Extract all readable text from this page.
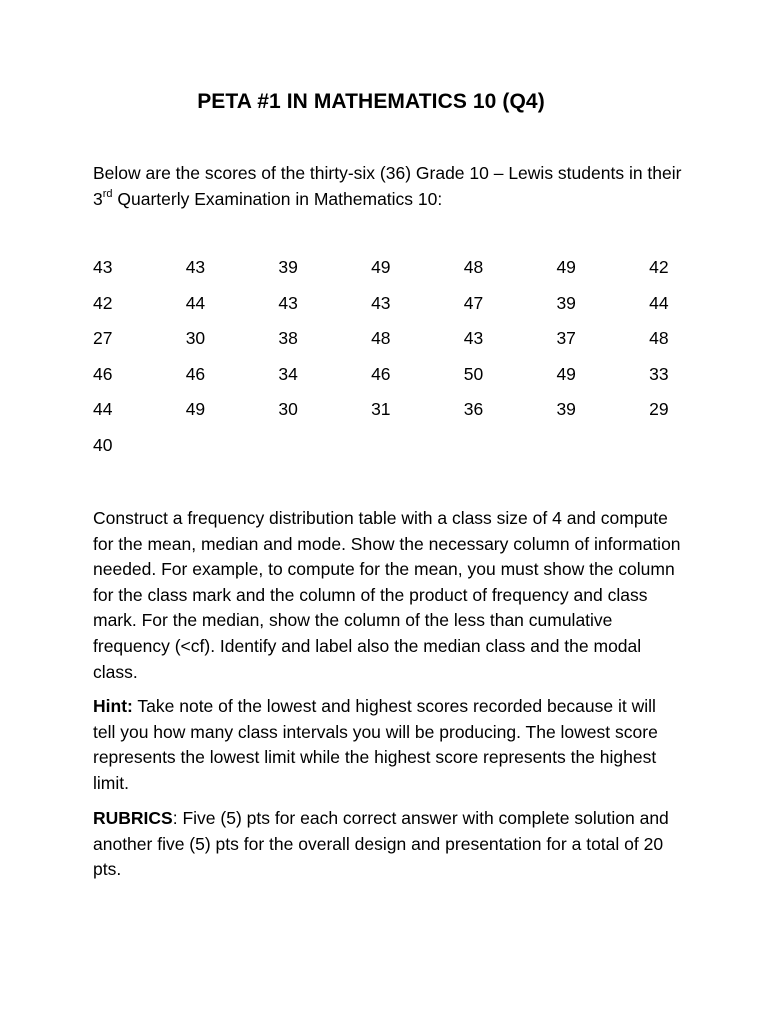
PETA #1 IN MATHEMATICS 10 (Q4)
Below are the scores of the thirty-six (36) Grade 10 – Lewis students in their 3rd Quarterly Examination in Mathematics 10:
43	43	39	49	48	49	42
42	44	43	43	47	39	44
27	30	38	48	43	37	48
46	46	34	46	50	49	33
44	49	30	31	36	39	29
40
Construct a frequency distribution table with a class size of 4 and compute for the mean, median and mode. Show the necessary column of information needed. For example, to compute for the mean, you must show the column for the class mark and the column of the product of frequency and class mark. For the median, show the column of the less than cumulative frequency (<cf). Identify and label also the median class and the modal class.
Hint: Take note of the lowest and highest scores recorded because it will tell you how many class intervals you will be producing. The lowest score represents the lowest limit while the highest score represents the highest limit.
RUBRICS: Five (5) pts for each correct answer with complete solution and another five (5) pts for the overall design and presentation for a total of 20 pts.
